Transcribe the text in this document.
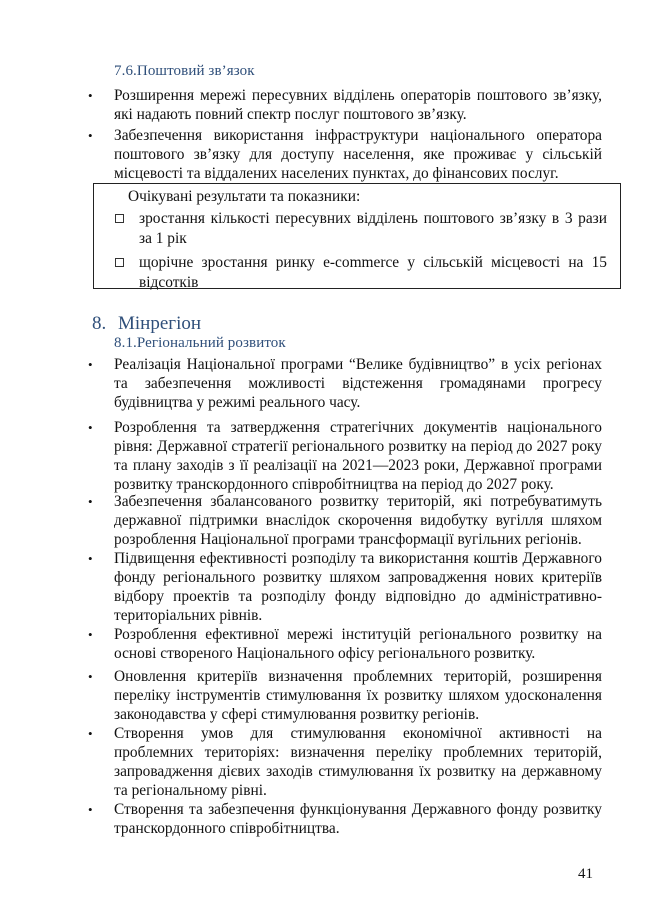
7.6.Поштовий зв’язок
•	Розширення мережі пересувних відділень операторів поштового зв’язку, які надають повний спектр послуг поштового зв’язку.
•	Забезпечення використання інфраструктури національного оператора поштового зв’язку для доступу населення, яке проживає у сільській місцевості та віддалених населених пунктах, до фінансових послуг.
Очікувані результати та показники:
зростання кількості пересувних відділень поштового зв’язку в 3 рази за 1 рік
щорічне зростання ринку e-commerce у сільській місцевості на 15 відсотків
8. Мінрегіон
8.1.Регіональний розвиток
•	Реалізація Національної програми “Велике будівництво” в усіх регіонах та забезпечення можливості відстеження громадянами прогресу будівництва у режимі реального часу.
•	Розроблення та затвердження стратегічних документів національного рівня: Державної стратегії регіонального розвитку на період до 2027 року та плану заходів з її реалізації на 2021—2023 роки, Державної програми розвитку транскордонного співробітництва на період до 2027 року.
•	Забезпечення збалансованого розвитку територій, які потребуватимуть державної підтримки внаслідок скорочення видобутку вугілля шляхом розроблення Національної програми трансформації вугільних регіонів.
•	Підвищення ефективності розподілу та використання коштів Державного фонду регіонального розвитку шляхом запровадження нових критеріїв відбору проектів та розподілу фонду відповідно до адміністративно-територіальних рівнів.
•	Розроблення ефективної мережі інституцій регіонального розвитку на основі створеного Національного офісу регіонального розвитку.
•	Оновлення критеріїв визначення проблемних територій, розширення переліку інструментів стимулювання їх розвитку шляхом удосконалення законодавства у сфері стимулювання розвитку регіонів.
•	Створення умов для стимулювання економічної активності на проблемних територіях: визначення переліку проблемних територій, запровадження дієвих заходів стимулювання їх розвитку на державному та регіональному рівні.
•	Створення та забезпечення функціонування Державного фонду розвитку транскордонного співробітництва.
41
